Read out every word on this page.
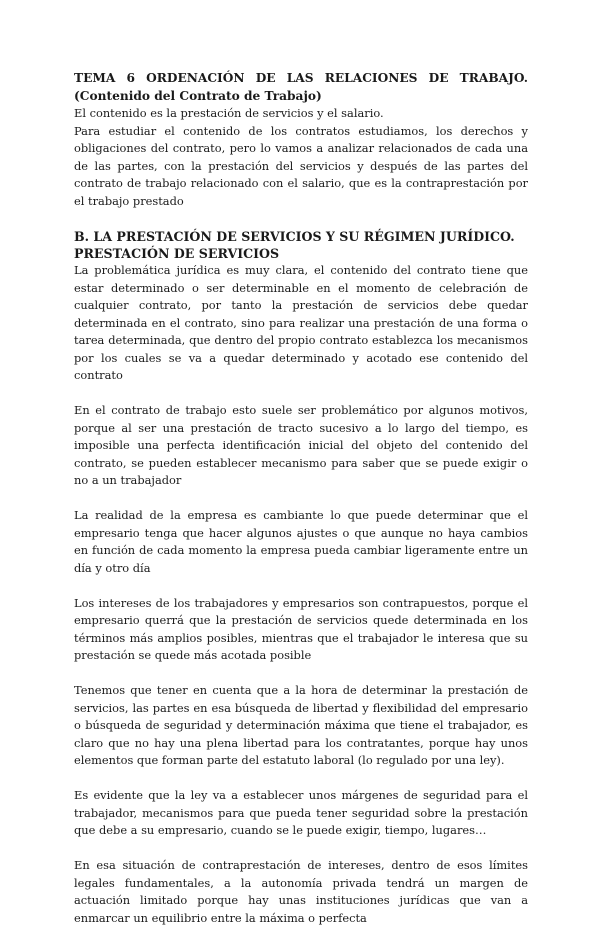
TEMA 6 ORDENACIÓN DE LAS RELACIONES DE TRABAJO. (Contenido del Contrato de Trabajo)

El contenido es la prestación de servicios y el salario.

Para estudiar el contenido de los contratos estudiamos, los derechos y obligaciones del contrato, pero lo vamos a analizar relacionados de cada una de las partes, con la prestación del servicios y después de las partes del contrato de trabajo relacionado con el salario, que es la contraprestación por el trabajo prestado

B. LA PRESTACIÓN DE SERVICIOS Y SU RÉGIMEN JURÍDICO.
PRESTACIÓN DE SERVICIOS

La problemática jurídica es muy clara, el contenido del contrato tiene que estar determinado o ser determinable en el momento de celebración de cualquier contrato, por tanto la prestación de servicios debe quedar determinada en el contrato, sino para realizar una prestación de una forma o tarea determinada, que dentro del propio contrato establezca los mecanismos por los cuales se va a quedar determinado y acotado ese contenido del contrato

En el contrato de trabajo esto suele ser problemático por algunos motivos, porque al ser una prestación de tracto sucesivo a lo largo del tiempo, es imposible una perfecta identificación inicial del objeto del contenido del contrato, se pueden establecer mecanismo para saber que se puede exigir o no a un trabajador

La realidad de la empresa es cambiante lo que puede determinar que el empresario tenga que hacer algunos ajustes o que aunque no haya cambios en función de cada momento la empresa pueda cambiar ligeramente entre un día y otro día

Los intereses de los trabajadores y empresarios son contrapuestos, porque el empresario querrá que la prestación de servicios quede determinada en los términos más amplios posibles, mientras que el trabajador le interesa que su prestación se quede más acotada posible

Tenemos que tener en cuenta que a la hora de determinar la prestación de servicios, las partes en esa búsqueda de libertad y flexibilidad del empresario o búsqueda de seguridad y determinación máxima que tiene el trabajador, es claro que no hay una plena libertad para los contratantes, porque hay unos elementos que forman parte del estatuto laboral (lo regulado por una ley).

Es evidente que la ley va a establecer unos márgenes de seguridad para el trabajador, mecanismos para que pueda tener seguridad sobre la prestación que debe a su empresario, cuando se le puede exigir, tiempo, lugares…

En esa situación de contraprestación de intereses, dentro de esos límites legales fundamentales, a la autonomía privada tendrá un margen de actuación limitado porque hay unas instituciones jurídicas que van a enmarcar un equilibrio entre la máxima o perfecta
